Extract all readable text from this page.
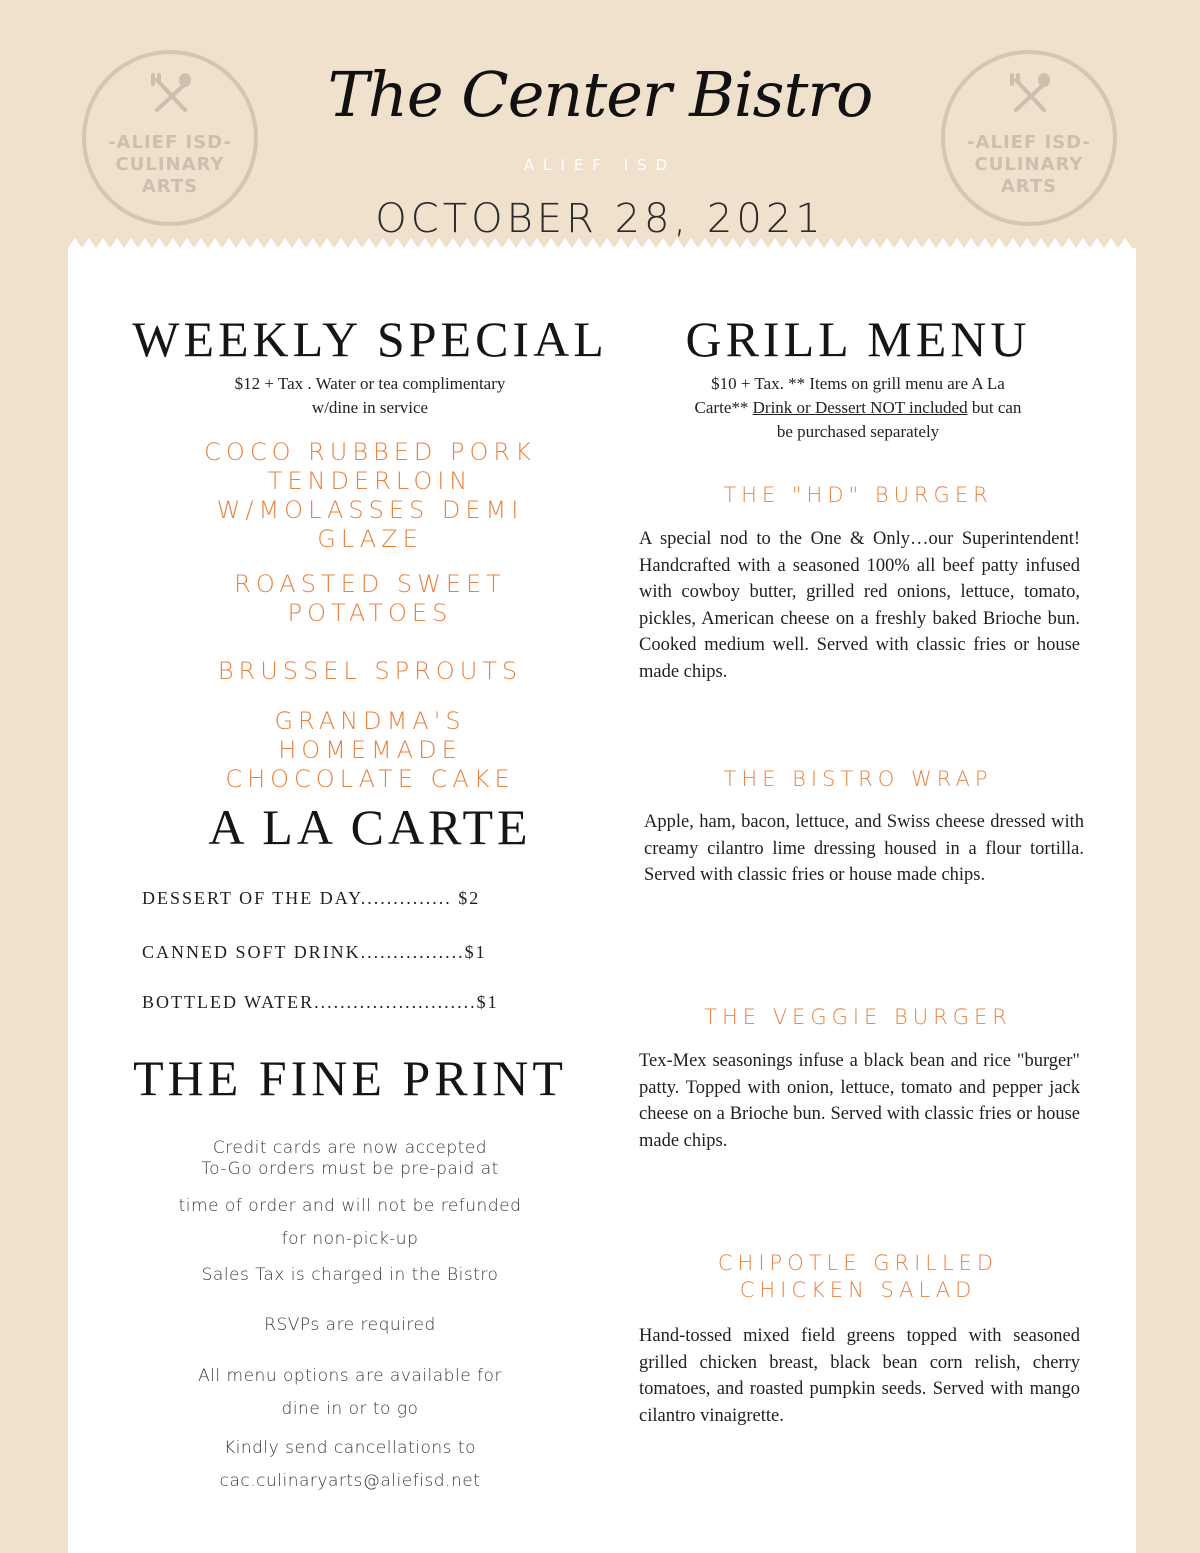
-ALIEF ISD-
CULINARY
ARTS
The Center Bistro
ALIEF ISD
OCTOBER 28, 2021
-ALIEF ISD-
CULINARY
ARTS
WEEKLY SPECIAL
$12 + Tax . Water or tea complimentary
w/dine in service
COCO RUBBED PORK
TENDERLOIN
W/MOLASSES DEMI
GLAZE
ROASTED SWEET
POTATOES
BRUSSEL SPROUTS
GRANDMA'S
HOMEMADE
CHOCOLATE CAKE
A LA CARTE
DESSERT OF THE DAY.............. $2
CANNED SOFT DRINK................$1
BOTTLED WATER.........................$1
THE FINE PRINT
Credit cards are now accepted
To-Go orders must be pre-paid at
time of order and will not be refunded
for non-pick-up
Sales Tax is charged in the Bistro
RSVPs are required
All menu options are available for
dine in or to go
Kindly send cancellations to
cac.culinaryarts@aliefisd.net
GRILL MENU
$10 + Tax. ** Items on grill menu are A La
Carte** Drink or Dessert NOT included but can
be purchased separately
THE "HD" BURGER
A special nod to the One & Only…our Superintendent! Handcrafted with a seasoned 100% all beef patty infused with cowboy butter, grilled red onions, lettuce, tomato, pickles, American cheese on a freshly baked Brioche bun. Cooked medium well. Served with classic fries or house made chips.
THE BISTRO WRAP
Apple, ham, bacon, lettuce, and Swiss cheese dressed with creamy cilantro lime dressing housed in a flour tortilla. Served with classic fries or house made chips.
THE VEGGIE BURGER
Tex-Mex seasonings infuse a black bean and rice "burger" patty. Topped with onion, lettuce, tomato and pepper jack cheese on a Brioche bun. Served with classic fries or house made chips.
CHIPOTLE GRILLED
CHICKEN SALAD
Hand-tossed mixed field greens topped with seasoned grilled chicken breast, black bean corn relish, cherry tomatoes, and roasted pumpkin seeds. Served with mango cilantro vinaigrette.
